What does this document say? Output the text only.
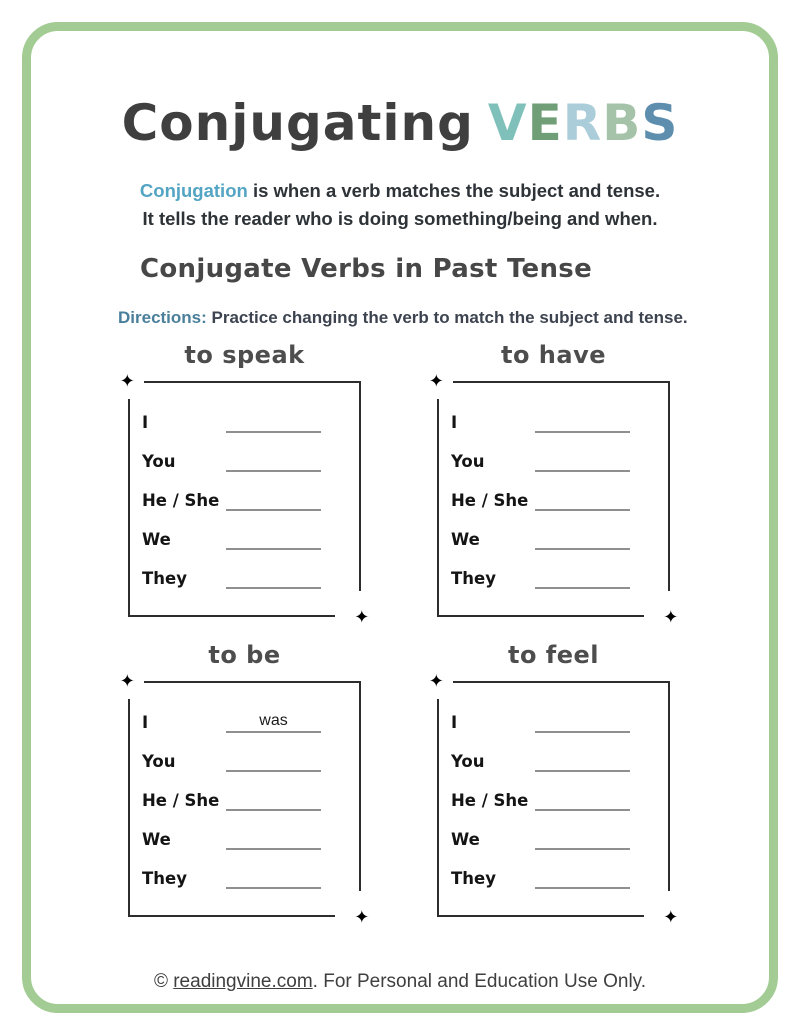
Conjugating VERBS
Conjugation is when a verb matches the subject and tense.
It tells the reader who is doing something/being and when.
Conjugate Verbs in Past Tense
Directions: Practice changing the verb to match the subject and tense.
to speak
✦
✦
I
You
He / She
We
They
to have
✦
✦
I
You
He / She
We
They
to be
✦
✦
I	was
You
He / She
We
They
to feel
✦
✦
I
You
He / She
We
They
© readingvine.com. For Personal and Education Use Only.
